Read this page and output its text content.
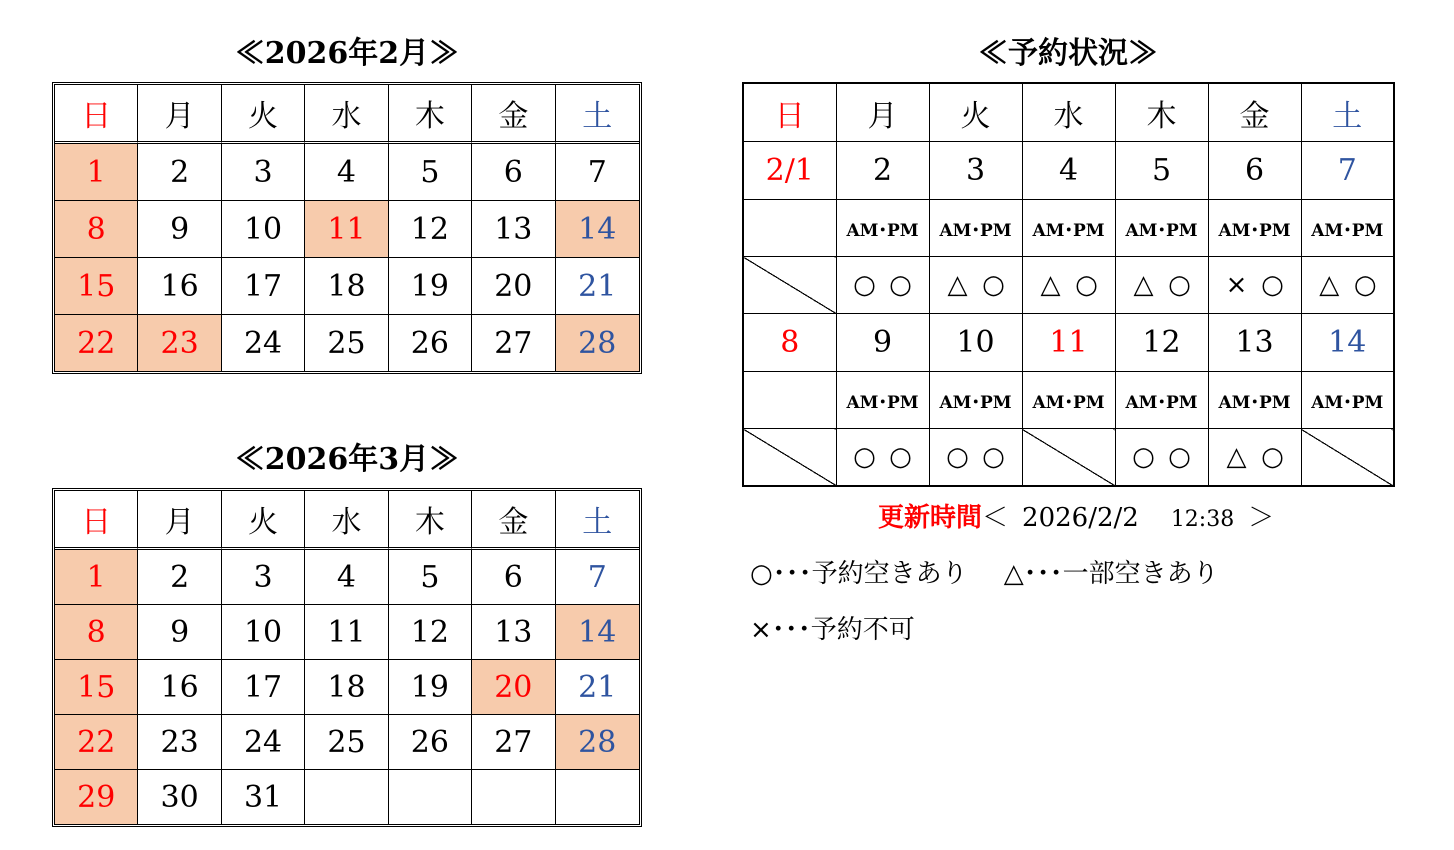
≪2026年2月≫
日	月	火	水	木	金	土
1	2	3	4	5	6	7
8	9	10	11	12	13	14
15	16	17	18	19	20	21
22	23	24	25	26	27	28
≪2026年3月≫
日	月	火	水	木	金	土
1	2	3	4	5	6	7
8	9	10	11	12	13	14
15	16	17	18	19	20	21
22	23	24	25	26	27	28
29	30	31				
≪予約状況≫
日	月	火	水	木	金	土
2/1	2	3	4	5	6	7
	AM･PM	AM･PM	AM･PM	AM･PM	AM･PM	AM･PM
	○ ○	△ ○	△ ○	△ ○	× ○	△ ○
8	9	10	11	12	13	14
	AM･PM	AM･PM	AM･PM	AM･PM	AM･PM	AM･PM
	○ ○	○ ○		○ ○	△ ○	
更新時間＜ 2026/2/2 12:38 ＞
○･･･予約空きあり △･･･一部空きあり
×･･･予約不可
